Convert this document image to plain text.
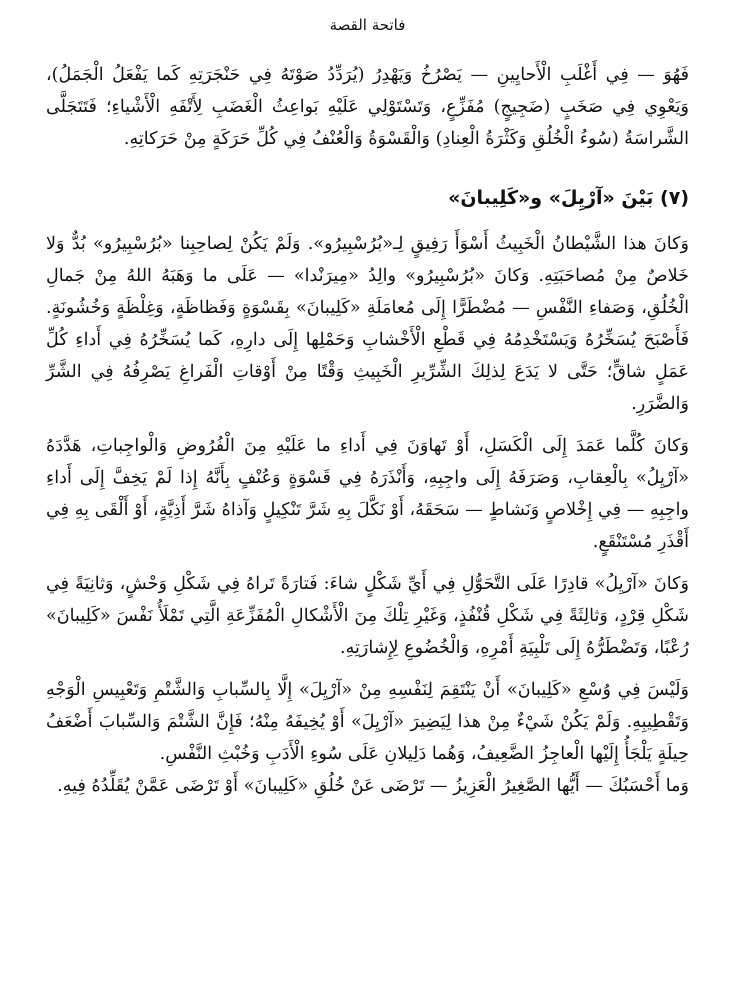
فاتحة القصة

فَهُوَ — فِي أَغْلَبِ الْأَحايِينِ — يَصْرُخُ وَيَهْدِرُ (يُرَدِّدُ صَوْتَهُ فِي حَنْجَرَتِهِ كَما يَفْعَلُ الْجَمَلُ)، وَيَعْوِي فِي صَخَبٍ (ضَجِيجٍ) مُفَزِّعٍ، وَتَسْتَوْلِي عَلَيْهِ بَواعِثُ الْغَضَبِ لِأَتْفَهِ الْأَشْياءِ؛ فَتَتَجَلَّى الشَّراسَةُ (سُوءُ الْخُلُقِ وَكَثْرَةُ الْعِنادِ) وَالْقَسْوَةُ وَالْعُنْفُ فِي كُلِّ حَرَكَةٍ مِنْ حَرَكاتِهِ.

(٧) بَيْنَ «آرْيِلَ» و«كَلِيبانَ»

وَكانَ هذا الشَّيْطانُ الْخَبِيثُ أَسْوَأَ رَفِيقٍ لِـ«بُرُسْبِيرُو». وَلَمْ يَكُنْ لِصاحِبِنا «بُرُسْبِيرُو» بُدٌّ وَلا خَلاصٌ مِنْ مُصاحَبَتِهِ. وَكانَ «بُرُسْبِيرُو» والِدُ «مِيرَنْدا» — عَلَى ما وَهَبَهُ اللهُ مِنْ جَمالِ الْخُلُقِ، وَصَفاءِ النَّفْسِ — مُضْطَرًّا إِلَى مُعامَلَةِ «كَلِيبانَ» بِقَسْوَةٍ وَفَظاظَةٍ، وَغِلْظَةٍ وَخُشُونَةٍ. فَأَصْبَحَ يُسَخِّرُهُ وَيَسْتَخْدِمُهُ فِي قَطْعِ الْأَخْشابِ وَحَمْلِها إِلَى دارِهِ، كَما يُسَخِّرُهُ فِي أَداءِ كُلِّ عَمَلٍ شاقٍّ؛ حَتَّى لا يَدَعَ لِذلِكَ الشِّرِّيرِ الْخَبِيثِ وَقْتًا مِنْ أَوْقاتِ الْفَراغِ يَصْرِفُهُ فِي الشَّرِّ وَالضَّرَرِ.

وَكانَ كُلَّما عَمَدَ إِلَى الْكَسَلِ، أَوْ تَهاوَنَ فِي أَداءِ ما عَلَيْهِ مِنَ الْفُرُوضِ وَالْواجِباتِ، هَدَّدَهُ «آرْيِلُ» بِالْعِقابِ، وَصَرَفَهُ إِلَى واجِبِهِ، وَأَنْذَرَهُ فِي قَسْوَةٍ وَعُنْفٍ بِأَنَّهُ إِذا لَمْ يَخِفَّ إِلَى أَداءِ واجِبِهِ — فِي إِخْلاصٍ وَنَشاطٍ — سَحَقَهُ، أَوْ نَكَّلَ بِهِ شَرَّ تَنْكِيلٍ وَآذاهُ شَرَّ أَذِيَّةٍ، أَوْ أَلْقَى بِهِ فِي أَقْذَرِ مُسْتَنْقَعٍ.

وَكانَ «آرْيِلُ» قادِرًا عَلَى التَّحَوُّلِ فِي أَيِّ شَكْلٍ شاءَ: فَتارَةً تَراهُ فِي شَكْلِ وَحْشٍ، وَثانِيَةً فِي شَكْلِ قِرْدٍ، وَثالِثَةً فِي شَكْلِ قُنْفُذٍ، وَغَيْرِ تِلْكَ مِنَ الْأَشْكالِ الْمُفَزِّعَةِ الَّتِي تَمْلَأُ نَفْسَ «كَلِيبانَ» رُعْبًا، وَتَضْطَرُّهُ إِلَى تَلْبِيَةِ أَمْرِهِ، وَالْخُضُوعِ لِإِشارَتِهِ.

وَلَيْسَ فِي وُسْعِ «كَلِيبانَ» أَنْ يَنْتَقِمَ لِنَفْسِهِ مِنْ «آرْيِلَ» إِلَّا بِالسِّبابِ وَالشَّتْمِ وَتَعْبِيسِ الْوَجْهِ وَتَقْطِيبِهِ. وَلَمْ يَكُنْ شَيْءٌ مِنْ هذا لِيَضِيرَ «آرْيِلَ» أَوْ يُخِيفَهُ مِنْهُ؛ فَإِنَّ الشَّتْمَ وَالسِّبابَ أَضْعَفُ حِيلَةٍ يَلْجَأُ إِلَيْها الْعاجِزُ الضَّعِيفُ، وَهُما دَلِيلانِ عَلَى سُوءِ الْأَدَبِ وَخُبْثِ النَّفْسِ.

وَما أَحْسَبُكَ — أَيُّها الصَّغِيرُ الْعَزِيزُ — تَرْضَى عَنْ خُلُقِ «كَلِيبانَ» أَوْ تَرْضَى عَمَّنْ يُقَلِّدُهُ فِيهِ.
